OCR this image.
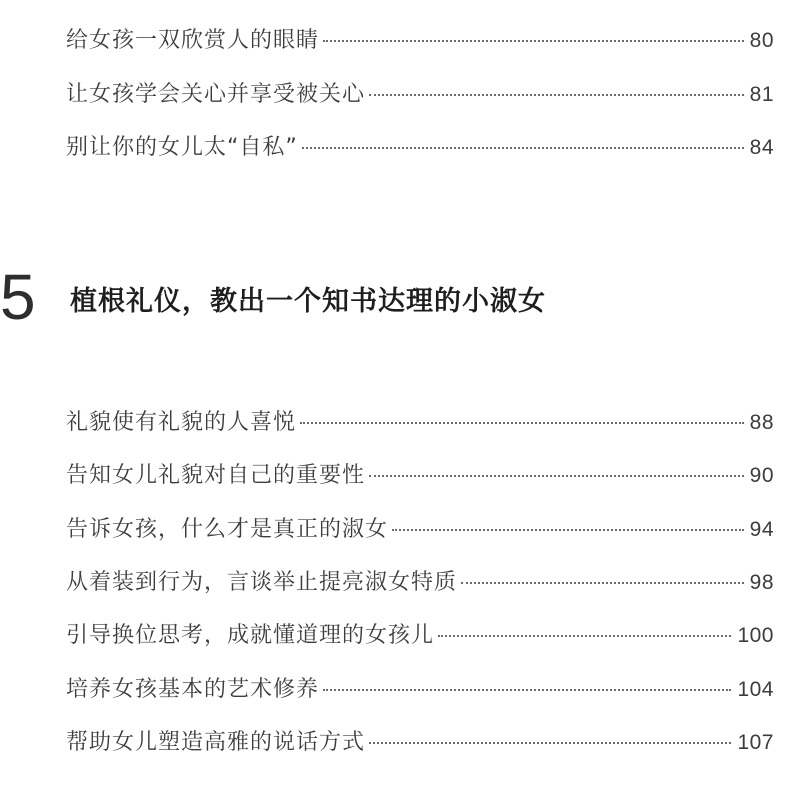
给女孩一双欣赏人的眼睛	80
让女孩学会关心并享受被关心	81
别让你的女儿太“自私”	84
5 植根礼仪，教出一个知书达理的小淑女
礼貌使有礼貌的人喜悦	88
告知女儿礼貌对自己的重要性	90
告诉女孩，什么才是真正的淑女	94
从着装到行为，言谈举止提亮淑女特质	98
引导换位思考，成就懂道理的女孩儿	100
培养女孩基本的艺术修养	104
帮助女儿塑造高雅的说话方式	107
